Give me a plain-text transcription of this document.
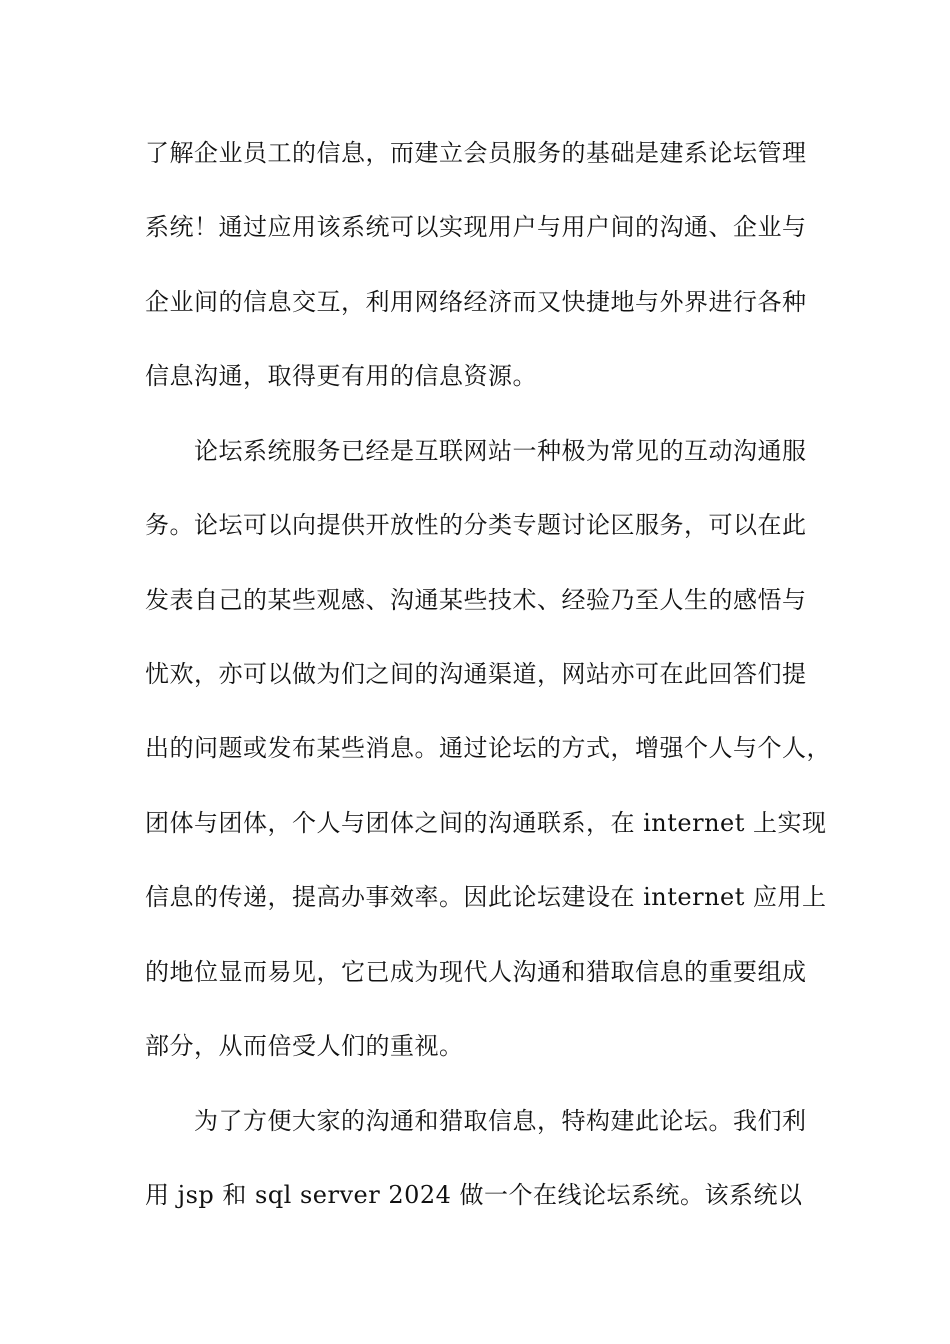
了解企业员工的信息，而建立会员服务的基础是建系论坛管理
系统！通过应用该系统可以实现用户与用户间的沟通、企业与
企业间的信息交互，利用网络经济而又快捷地与外界进行各种
信息沟通，取得更有用的信息资源。
论坛系统服务已经是互联网站一种极为常见的互动沟通服
务。论坛可以向提供开放性的分类专题讨论区服务，可以在此
发表自己的某些观感、沟通某些技术、经验乃至人生的感悟与
忧欢，亦可以做为们之间的沟通渠道，网站亦可在此回答们提
出的问题或发布某些消息。通过论坛的方式，增强个人与个人，
团体与团体，个人与团体之间的沟通联系，在 internet 上实现
信息的传递，提高办事效率。因此论坛建设在 internet 应用上
的地位显而易见，它已成为现代人沟通和猎取信息的重要组成
部分，从而倍受人们的重视。
为了方便大家的沟通和猎取信息，特构建此论坛。我们利
用 jsp 和 sql server 2024 做一个在线论坛系统。该系统以
